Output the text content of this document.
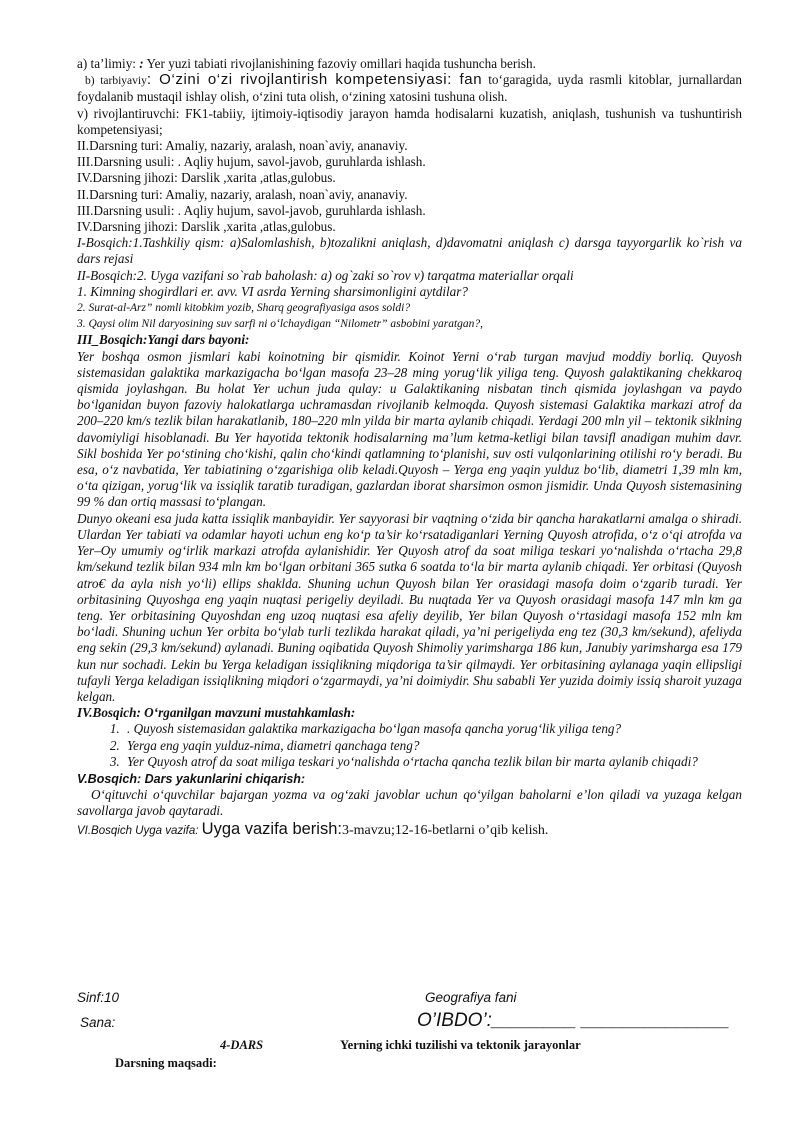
a) ta’limiy: : Yer yuzi tabiati rivojlanishining fazoviy omillari haqida tushuncha berish.

b) tarbiyaviy: O‘zini o‘zi rivojlantirish kompetensiyasi: fan to‘garagida, uyda rasmli kitoblar, jurnallardan foydalanib mustaqil ishlay olish, o‘zini tuta olish, o‘zining xatosini tushuna olish.

v) rivojlantiruvchi: FK1-tabiiy, ijtimoiy-iqtisodiy jarayon hamda hodisalarni kuzatish, aniqlash, tushunish va tushuntirish kompetensiyasi;

II.Darsning turi: Amaliy, nazariy, aralash, noan`aviy, ananaviy.

III.Darsning usuli: . Aqliy hujum, savol-javob, guruhlarda ishlash.

IV.Darsning jihozi: Darslik ,xarita ,atlas,gulobus.

II.Darsning turi: Amaliy, nazariy, aralash, noan`aviy, ananaviy.

III.Darsning usuli: . Aqliy hujum, savol-javob, guruhlarda ishlash.

IV.Darsning jihozi: Darslik ,xarita ,atlas,gulobus.

I-Bosqich:1.Tashkiliy qism: a)Salomlashish, b)tozalikni aniqlash, d)davomatni aniqlash c) darsga tayyorgarlik ko`rish va dars rejasi

II-Bosqich:2. Uyga vazifani so`rab baholash: a) og`zaki so`rov v) tarqatma materiallar orqali

1. Kimning shogirdlari er. avv. VI asrda Yerning sharsimonligini aytdilar?

2. Surat-al-Arz” nomli kitobkim yozib, Sharq geografiyasiga asos soldi?

3. Qaysi olim Nil daryosining suv sarfi ni o‘lchaydigan “Nilometr” asbobini yaratgan?,

III_Bosqich:Yangi dars bayoni:

Yer boshqa osmon jismlari kabi koinotning bir qismidir. Koinot Yerni o‘rab turgan mavjud moddiy borliq. Quyosh sistemasidan galaktika markazigacha bo‘lgan masofa 23–28 ming yorug‘lik yiliga teng. Quyosh galaktikaning chekkaroq qismida joylashgan. Bu holat Yer uchun juda qulay: u Galaktikaning nisbatan tinch qismida joylashgan va paydo bo‘lganidan buyon fazoviy halokatlarga uchramasdan rivojlanib kelmoqda. Quyosh sistemasi Galaktika markazi atrof da 200–220 km/s tezlik bilan harakatlanib, 180–220 mln yilda bir marta aylanib chiqadi. Yerdagi 200 mln yil – tektonik siklning davomiyligi hisoblanadi. Bu Yer hayotida tektonik hodisalarning ma’lum ketma-ketligi bilan tavsifl anadigan muhim davr. Sikl boshida Yer po‘stining cho‘kishi, qalin cho‘kindi qatlamning to‘planishi, suv osti vulqonlarining otilishi ro‘y beradi. Bu esa, o‘z navbatida, Yer tabiatining o‘zgarishiga olib keladi.Quyosh – Yerga eng yaqin yulduz bo‘lib, diametri 1,39 mln km, o‘ta qizigan, yorug‘lik va issiqlik taratib turadigan, gazlardan iborat sharsimon osmon jismidir. Unda Quyosh sistemasining 99 % dan ortiq massasi to‘plangan.

Dunyo okeani esa juda katta issiqlik manbayidir. Yer sayyorasi bir vaqtning o‘zida bir qancha harakatlarni amalga o shiradi. Ulardan Yer tabiati va odamlar hayoti uchun eng ko‘p ta’sir ko‘rsatadiganlari Yerning Quyosh atrofida, o‘z o‘qi atrofda va Yer–Oy umumiy og‘irlik markazi atrofda aylanishidir. Yer Quyosh atrof da soat miliga teskari yo‘nalishda o‘rtacha 29,8 km/sekund tezlik bilan 934 mln km bo‘lgan orbitani 365 sutka 6 soatda to‘la bir marta aylanib chiqadi. Yer orbitasi (Quyosh atro€ da ayla nish yo‘li) ellips shaklda. Shuning uchun Quyosh bilan Yer orasidagi masofa doim o‘zgarib turadi. Yer orbitasining Quyoshga eng yaqin nuqtasi perigeliy deyiladi. Bu nuqtada Yer va Quyosh orasidagi masofa 147 mln km ga teng. Yer orbitasining Quyoshdan eng uzoq nuqtasi esa afeliy deyilib, Yer bilan Quyosh o‘rtasidagi masofa 152 mln km bo‘ladi. Shuning uchun Yer orbita bo‘ylab turli tezlikda harakat qiladi, ya’ni perigeliyda eng tez (30,3 km/sekund), afeliyda eng sekin (29,3 km/sekund) aylanadi. Buning oqibatida Quyosh Shimoliy yarimsharga 186 kun, Janubiy yarimsharga esa 179 kun nur sochadi. Lekin bu Yerga keladigan issiqlikning miqdoriga ta’sir qilmaydi. Yer orbitasining aylanaga yaqin ellipsligi tufayli Yerga keladigan issiqlikning miqdori o‘zgarmaydi, ya’ni doimiydir. Shu sababli Yer yuzida doimiy issiq sharoit yuzaga kelgan.

IV.Bosqich: O‘rganilgan mavzuni mustahkamlash:

1. . Quyosh sistemasidan galaktika markazigacha bo‘lgan masofa qancha yorug‘lik yiliga teng?
2. Yerga eng yaqin yulduz-nima, diametri qanchaga teng?
3. Yer Quyosh atrof da soat miliga teskari yo‘nalishda o‘rtacha qancha tezlik bilan bir marta aylanib chiqadi?

V.Bosqich: Dars yakunlarini chiqarish:

O‘qituvchi o‘quvchilar bajargan yozma va og‘zaki javoblar uchun qo‘yilgan baholarni e’lon qiladi va yuzaga kelgan savollarga javob qaytaradi.

VI.Bosqich Uyga vazifa: Uyga vazifa berish:3-mavzu;12-16-betlarni o’qib kelish.

Sinf:10	Geografiya fani
Sana:	O’IBDO’:________ ______________
4-DARS	Yerning ichki tuzilishi va tektonik jarayonlar
Darsning maqsadi:
